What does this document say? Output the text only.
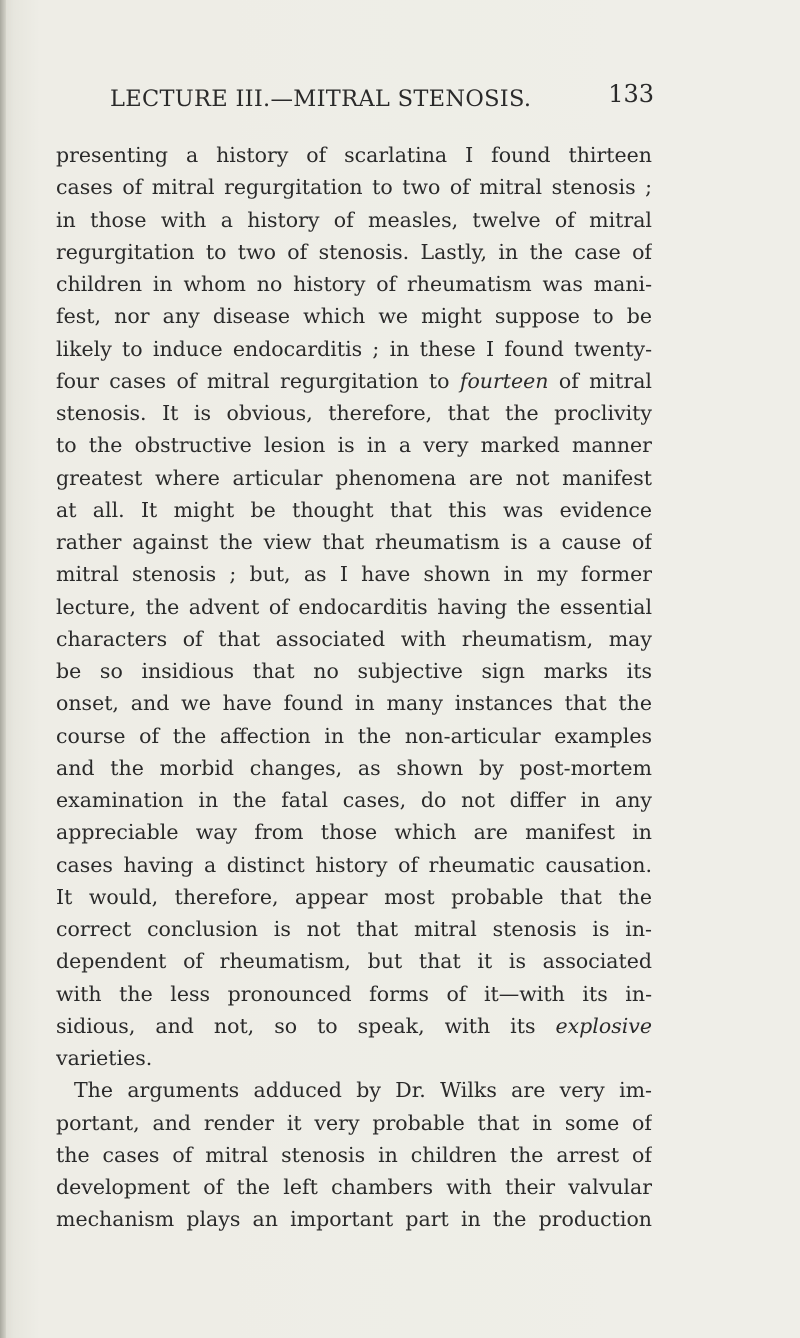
LECTURE III.—MITRAL STENOSIS.	133
presenting a history of scarlatina I found thirteen
cases of mitral regurgitation to two of mitral stenosis ;
in those with a history of measles, twelve of mitral
regurgitation to two of stenosis. Lastly, in the case of
children in whom no history of rheumatism was mani-
fest, nor any disease which we might suppose to be
likely to induce endocarditis ; in these I found twenty-
four cases of mitral regurgitation to fourteen of mitral
stenosis. It is obvious, therefore, that the proclivity
to the obstructive lesion is in a very marked manner
greatest where articular phenomena are not manifest
at all. It might be thought that this was evidence
rather against the view that rheumatism is a cause of
mitral stenosis ; but, as I have shown in my former
lecture, the advent of endocarditis having the essential
characters of that associated with rheumatism, may
be so insidious that no subjective sign marks its
onset, and we have found in many instances that the
course of the affection in the non-articular examples
and the morbid changes, as shown by post-mortem
examination in the fatal cases, do not differ in any
appreciable way from those which are manifest in
cases having a distinct history of rheumatic causation.
It would, therefore, appear most probable that the
correct conclusion is not that mitral stenosis is in-
dependent of rheumatism, but that it is associated
with the less pronounced forms of it—with its in-
sidious, and not, so to speak, with its explosive
varieties.
The arguments adduced by Dr. Wilks are very im-
portant, and render it very probable that in some of
the cases of mitral stenosis in children the arrest of
development of the left chambers with their valvular
mechanism plays an important part in the production
